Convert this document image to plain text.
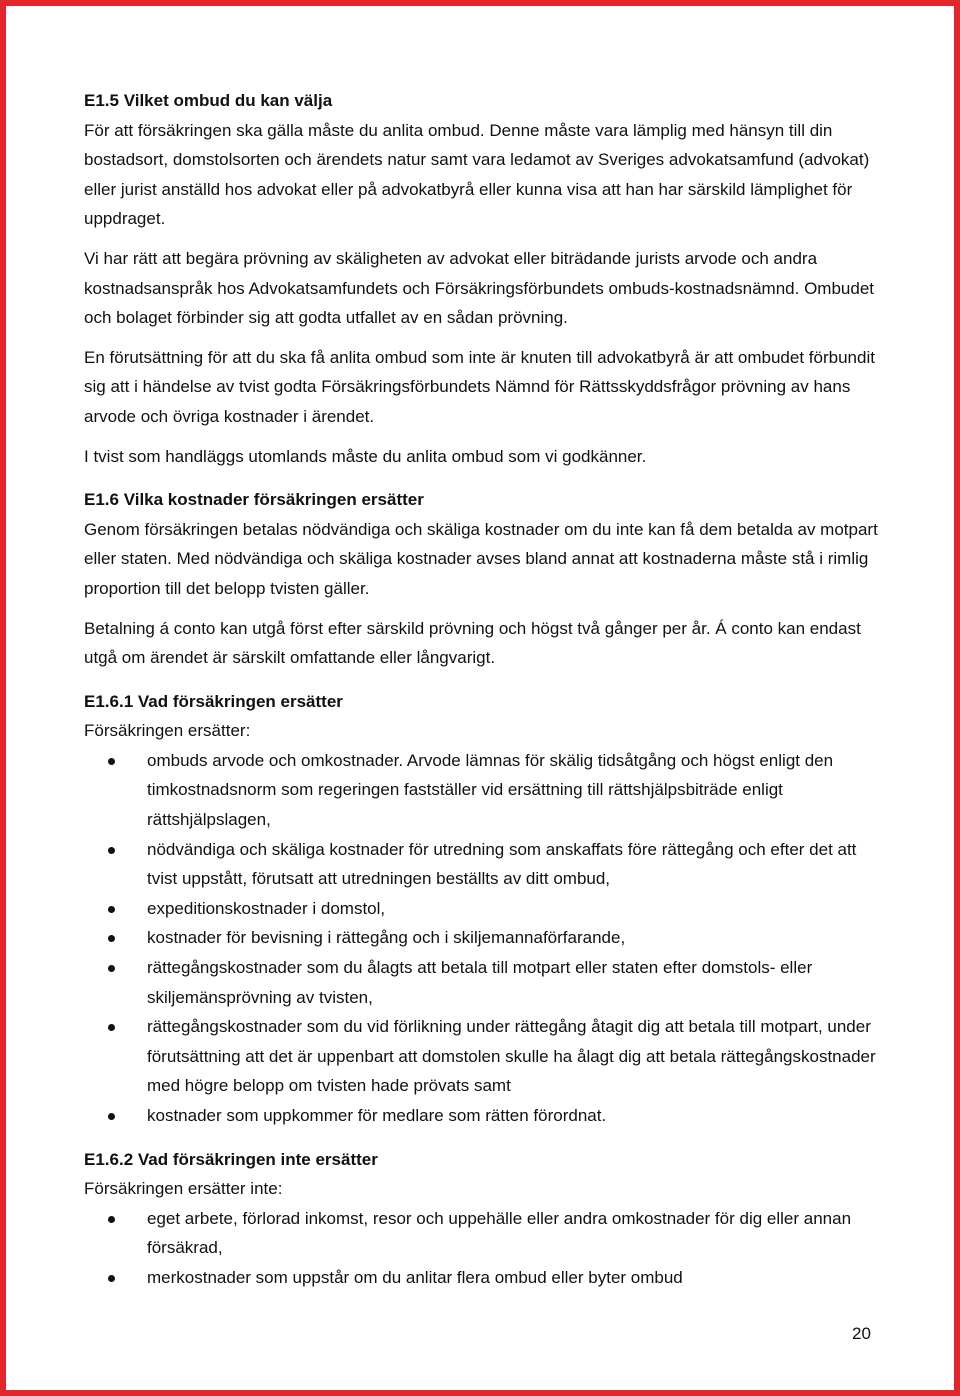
E1.5 Vilket ombud du kan välja

För att försäkringen ska gälla måste du anlita ombud. Denne måste vara lämplig med hänsyn till din bostadsort, domstolsorten och ärendets natur samt vara ledamot av Sveriges advokatsamfund (advokat) eller jurist anställd hos advokat eller på advokatbyrå eller kunna visa att han har särskild lämplighet för uppdraget.

Vi har rätt att begära prövning av skäligheten av advokat eller biträdande jurists arvode och andra kostnadsanspråk hos Advokatsamfundets och Försäkringsförbundets ombuds-kostnadsnämnd. Ombudet och bolaget förbinder sig att godta utfallet av en sådan prövning.

En förutsättning för att du ska få anlita ombud som inte är knuten till advokatbyrå är att ombudet förbundit sig att i händelse av tvist godta Försäkringsförbundets Nämnd för Rättsskyddsfrågor prövning av hans arvode och övriga kostnader i ärendet.

I tvist som handläggs utomlands måste du anlita ombud som vi godkänner.

E1.6 Vilka kostnader försäkringen ersätter

Genom försäkringen betalas nödvändiga och skäliga kostnader om du inte kan få dem betalda av motpart eller staten. Med nödvändiga och skäliga kostnader avses bland annat att kostnaderna måste stå i rimlig proportion till det belopp tvisten gäller.

Betalning á conto kan utgå först efter särskild prövning och högst två gånger per år. Á conto kan endast utgå om ärendet är särskilt omfattande eller långvarigt.

E1.6.1 Vad försäkringen ersätter

Försäkringen ersätter:

ombuds arvode och omkostnader. Arvode lämnas för skälig tidsåtgång och högst enligt den timkostnadsnorm som regeringen fastställer vid ersättning till rättshjälpsbiträde enligt rättshjälpslagen,
nödvändiga och skäliga kostnader för utredning som anskaffats före rättegång och efter det att tvist uppstått, förutsatt att utredningen beställts av ditt ombud,
expeditionskostnader i domstol,
kostnader för bevisning i rättegång och i skiljemannaförfarande,
rättegångskostnader som du ålagts att betala till motpart eller staten efter domstols- eller skiljemänsprövning av tvisten,
rättegångskostnader som du vid förlikning under rättegång åtagit dig att betala till motpart, under förutsättning att det är uppenbart att domstolen skulle ha ålagt dig att betala rättegångskostnader med högre belopp om tvisten hade prövats samt
kostnader som uppkommer för medlare som rätten förordnat.

E1.6.2 Vad försäkringen inte ersätter

Försäkringen ersätter inte:

eget arbete, förlorad inkomst, resor och uppehälle eller andra omkostnader för dig eller annan försäkrad,
merkostnader som uppstår om du anlitar flera ombud eller byter ombud
20
